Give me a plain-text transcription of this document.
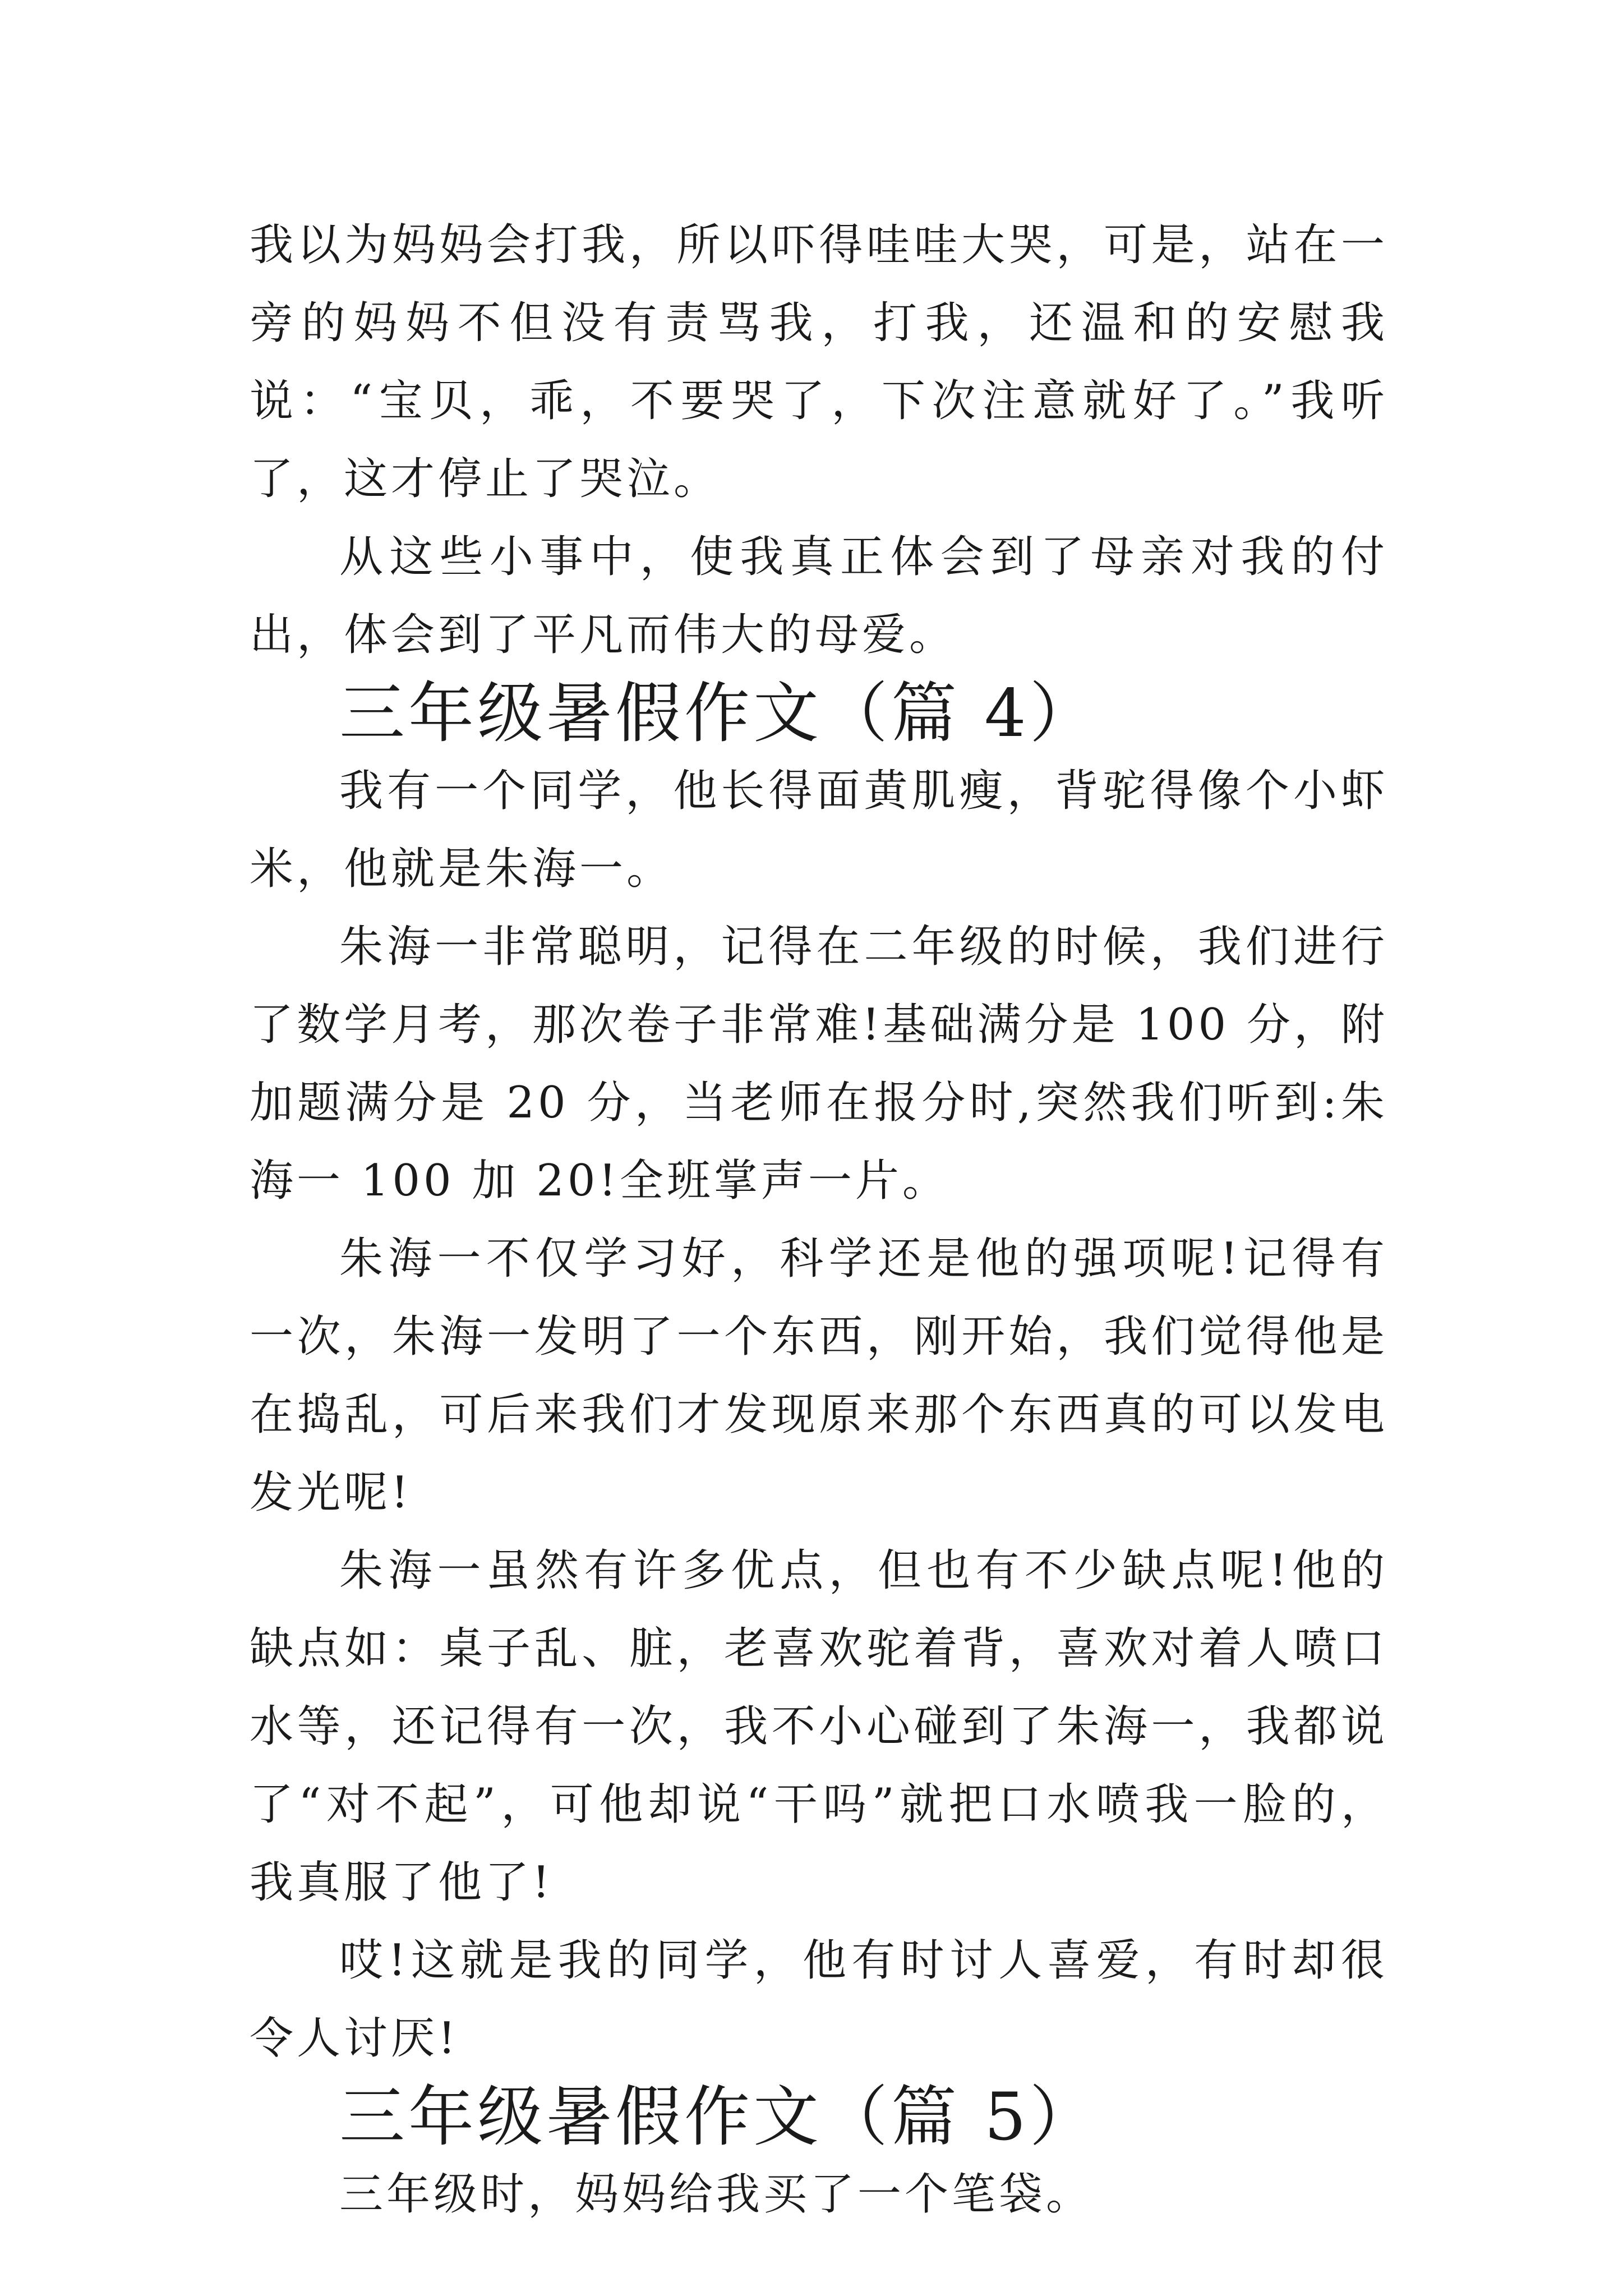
我以为妈妈会打我，所以吓得哇哇大哭，可是，站在一旁的妈妈不但没有责骂我，打我，还温和的安慰我说：“宝贝，乖，不要哭了，下次注意就好了。”我听了，这才停止了哭泣。

从这些小事中，使我真正体会到了母亲对我的付出，体会到了平凡而伟大的母爱。

三年级暑假作文（篇 4）

我有一个同学，他长得面黄肌瘦，背驼得像个小虾米，他就是朱海一。

朱海一非常聪明，记得在二年级的时候，我们进行了数学月考，那次卷子非常难!基础满分是 100 分，附加题满分是 20 分，当老师在报分时,突然我们听到:朱海一 100 加 20!全班掌声一片。

朱海一不仅学习好，科学还是他的强项呢!记得有一次，朱海一发明了一个东西，刚开始，我们觉得他是在捣乱，可后来我们才发现原来那个东西真的可以发电发光呢!

朱海一虽然有许多优点，但也有不少缺点呢!他的缺点如：桌子乱、脏，老喜欢驼着背，喜欢对着人喷口水等，还记得有一次，我不小心碰到了朱海一，我都说了“对不起”，可他却说“干吗”就把口水喷我一脸的，我真服了他了!

哎!这就是我的同学，他有时讨人喜爱，有时却很令人讨厌!

三年级暑假作文（篇 5）

三年级时，妈妈给我买了一个笔袋。
